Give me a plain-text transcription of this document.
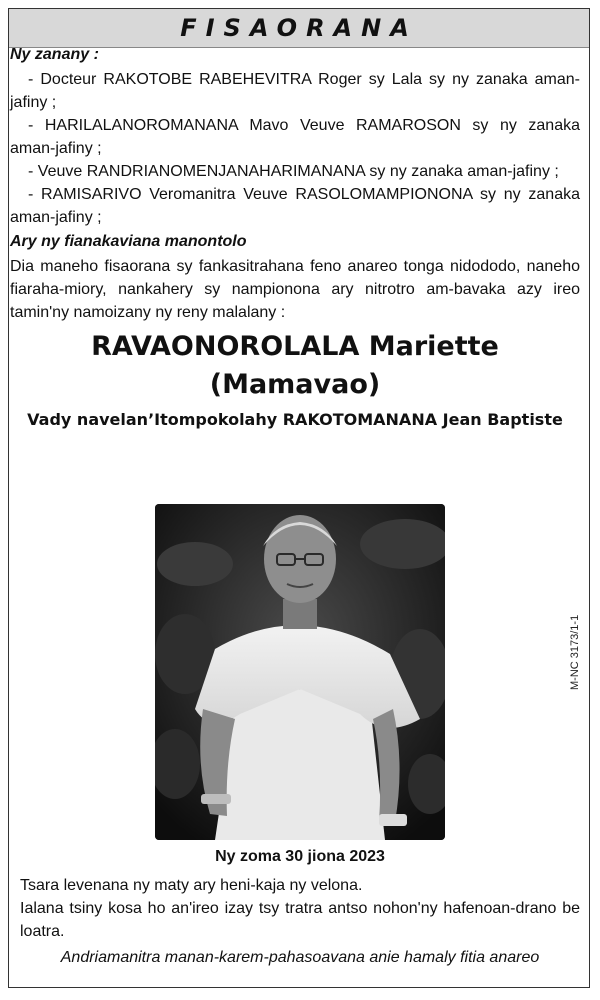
FISAORANA
Ny zanany :

- Docteur RAKOTOBE RABEHEVITRA Roger sy Lala sy ny zanaka aman-jafiny ;

- HARILALANOROMANANA Mavo Veuve RAMAROSON sy ny zanaka aman-jafiny ;

- Veuve RANDRIANOMENJANAHARIMANANA sy ny zanaka aman-jafiny ;

- RAMISARIVO Veromanitra Veuve RASOLOMAMPIONONA sy ny zanaka aman-jafiny ;

Ary ny fianakaviana manontolo

Dia maneho fisaorana sy fankasitrahana feno anareo tonga nidododo, naneho fiaraha-miory, nankahery sy nampionona ary nitrotro am-bavaka azy ireo tamin'ny namoizany ny reny malalany :

RAVAONOROLALA Mariette
(Mamavao)
Vady navelan’Itompokolahy RAKOTOMANANA Jean Baptiste
M-NC 3173/1-1
Ny zoma 30 jiona 2023

Tsara levenana ny maty ary heni-kaja ny velona.

Ialana tsiny kosa ho an'ireo izay tsy tratra antso nohon'ny hafenoan-drano be loatra.

Andriamanitra manan-karem-pahasoavana anie hamaly fitia anareo
